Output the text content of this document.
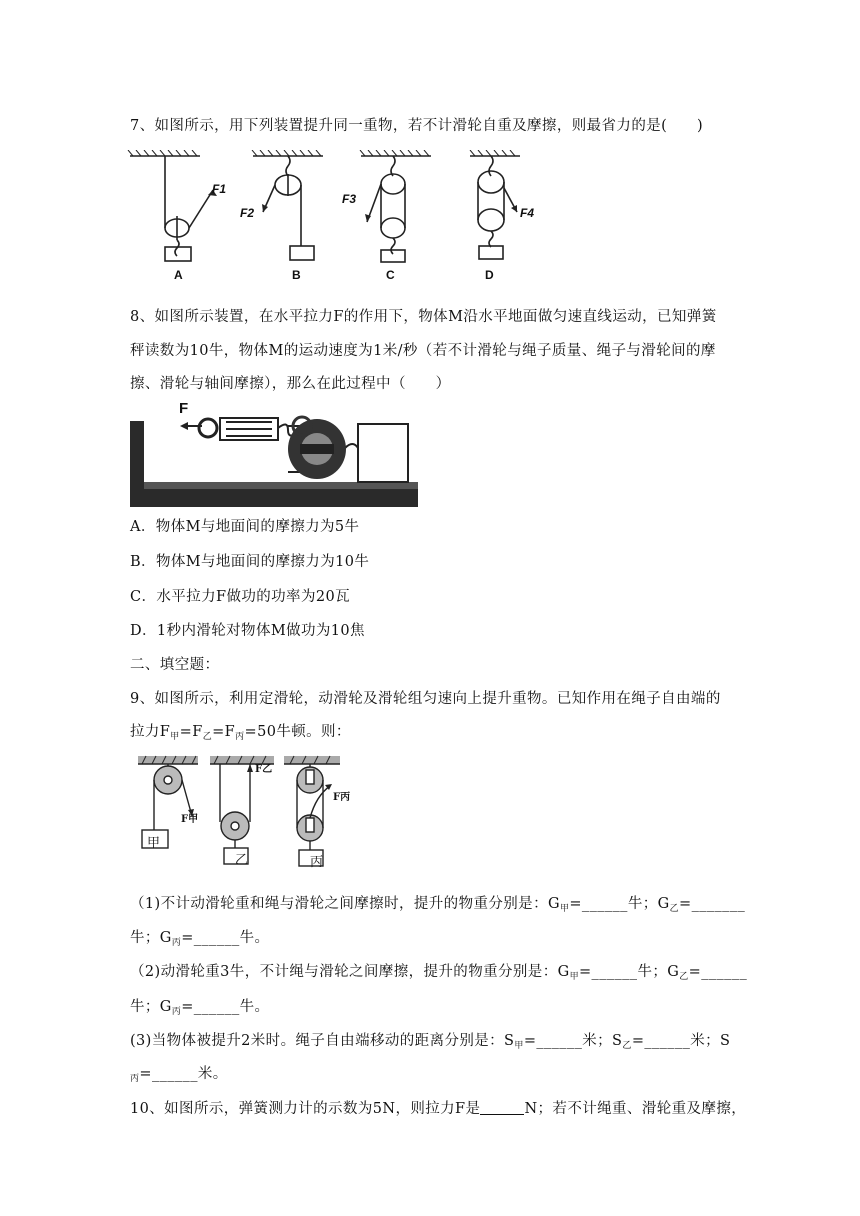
7、如图所示，用下列装置提升同一重物，若不计滑轮自重及摩擦，则最省力的是(　　)
F1
F2
F3
F4
A	B	C	D
8、如图所示装置，在水平拉力F的作用下，物体M沿水平地面做匀速直线运动，已知弹簧
秤读数为10牛，物体M的运动速度为1米/秒（若不计滑轮与绳子质量、绳子与滑轮间的摩
擦、滑轮与轴间摩擦），那么在此过程中（　　）
F
A．物体M与地面间的摩擦力为5牛
B．物体M与地面间的摩擦力为10牛
C．水平拉力F做功的功率为20瓦
D．1秒内滑轮对物体M做功为10焦
二、填空题：
9、如图所示，利用定滑轮，动滑轮及滑轮组匀速向上提升重物。已知作用在绳子自由端的
拉力$F_甲=F_乙=F_丙=50$牛顿。则：
甲
乙	丙
F甲
F乙
F丙
（1)不计动滑轮重和绳与滑轮之间摩擦时，提升的物重分别是：$G_甲=\_\_\_\_\_\_$牛；$G_乙=\_\_\_\_\_\_\_$
牛；$G_丙=\_\_\_\_\_\_$牛。
（2)动滑轮重3牛，不计绳与滑轮之间摩擦，提升的物重分别是：$G_甲=\_\_\_\_\_\_$牛；$G_乙=\_\_\_\_\_\_$
牛；$G_丙=\_\_\_\_\_\_$牛。
(3)当物体被提升2米时。绳子自由端移动的距离分别是：$S_甲=\_\_\_\_\_\_$米；$S_乙=\_\_\_\_\_\_$米；S
$_丙$=______米。
10、如图所示，弹簧测力计的示数为5N，则拉力F是	N；若不计绳重、滑轮重及摩擦，
